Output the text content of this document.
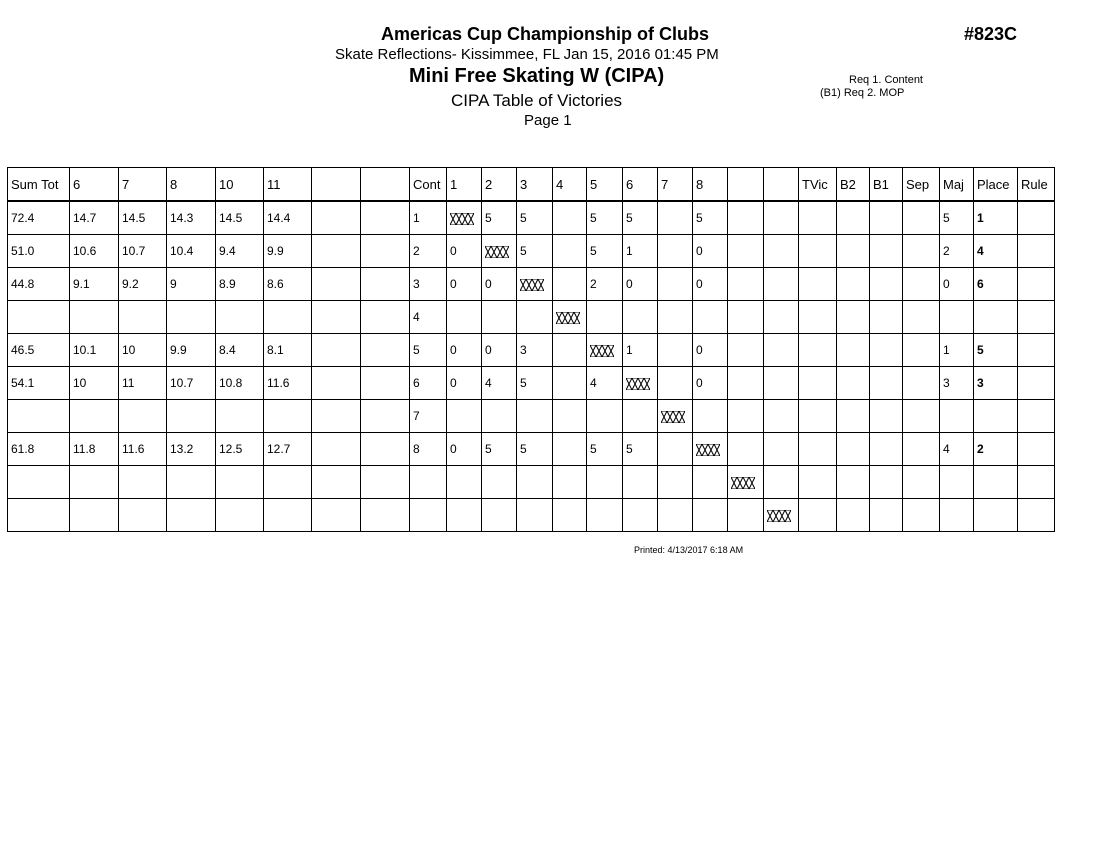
Americas Cup Championship of Clubs
Skate Reflections- Kissimmee, FL Jan 15, 2016 01:45 PM
Mini Free Skating W (CIPA)
CIPA Table of Victories
Page 1
#823C
Req 1. Content
(B1) Req 2. MOP
Sum Tot	6	7	8	10	11			Cont	1	2	3	4	5	6	7	8			TVic	B2	B1	Sep	Maj	Place	Rule
72.4	14.7	14.5	14.3	14.5	14.4			1		5	5		5	5		5							5	1	
51.0	10.6	10.7	10.4	9.4	9.9			2	0		5		5	1		0							2	4	
44.8	9.1	9.2	9	8.9	8.6			3	0	0			2	0		0							0	6	
								4																	
46.5	10.1	10	9.9	8.4	8.1			5	0	0	3			1		0							1	5	
54.1	10	11	10.7	10.8	11.6			6	0	4	5		4			0							3	3	
								7																	
61.8	11.8	11.6	13.2	12.5	12.7			8	0	5	5		5	5									4	2	

Printed: 4/13/2017 6:18 AM
